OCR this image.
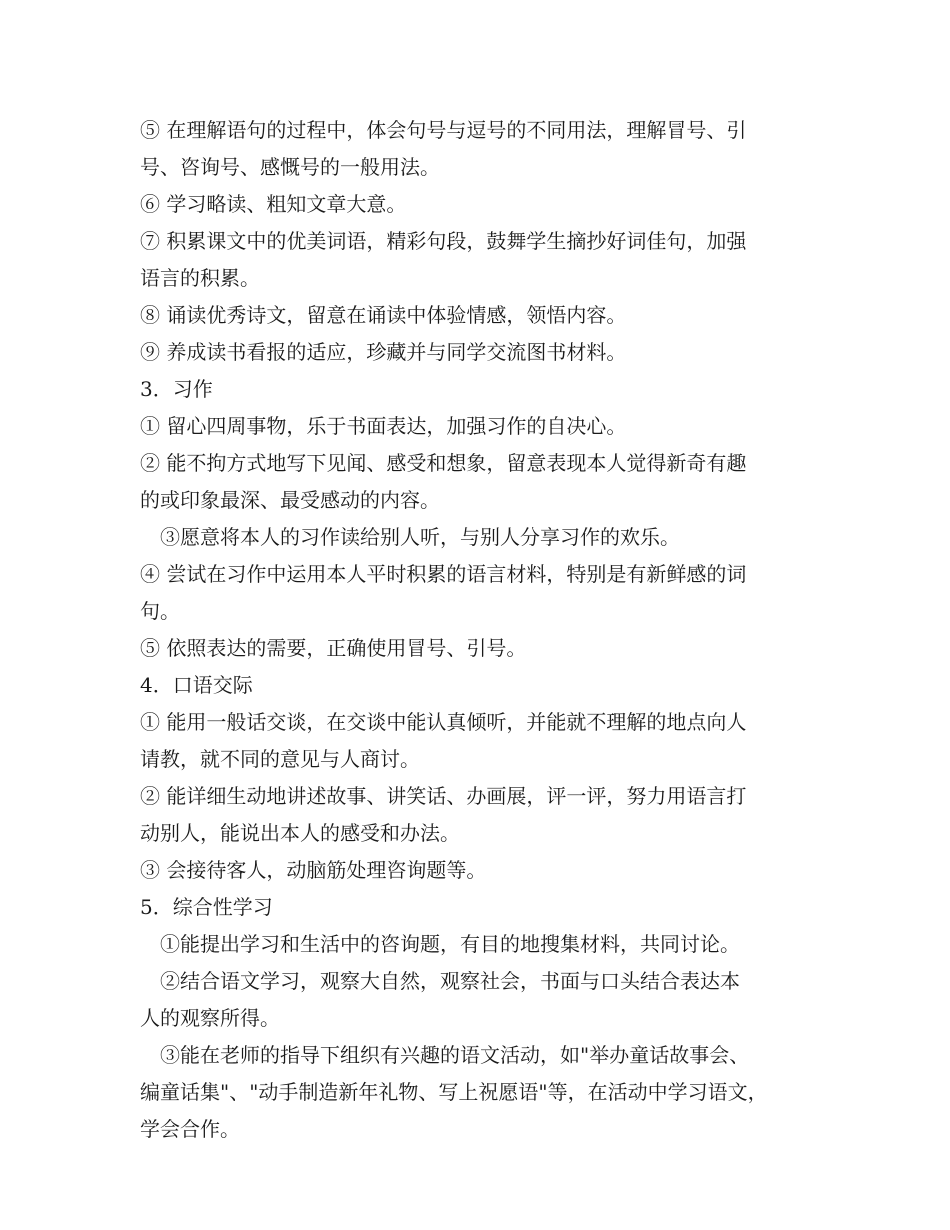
⑤ 在理解语句的过程中，体会句号与逗号的不同用法，理解冒号、引
号、咨询号、感慨号的一般用法。
⑥ 学习略读、粗知文章大意。
⑦ 积累课文中的优美词语，精彩句段，鼓舞学生摘抄好词佳句，加强
语言的积累。
⑧ 诵读优秀诗文，留意在诵读中体验情感，领悟内容。
⑨ 养成读书看报的适应，珍藏并与同学交流图书材料。
3．习作
① 留心四周事物，乐于书面表达，加强习作的自决心。
② 能不拘方式地写下见闻、感受和想象，留意表现本人觉得新奇有趣
的或印象最深、最受感动的内容。
③愿意将本人的习作读给别人听，与别人分享习作的欢乐。
④ 尝试在习作中运用本人平时积累的语言材料，特别是有新鲜感的词
句。
⑤ 依照表达的需要，正确使用冒号、引号。
4．口语交际
① 能用一般话交谈，在交谈中能认真倾听，并能就不理解的地点向人
请教，就不同的意见与人商讨。
② 能详细生动地讲述故事、讲笑话、办画展，评一评，努力用语言打
动别人，能说出本人的感受和办法。
③ 会接待客人，动脑筋处理咨询题等。
5．综合性学习
①能提出学习和生活中的咨询题，有目的地搜集材料，共同讨论。
②结合语文学习，观察大自然，观察社会，书面与口头结合表达本
人的观察所得。
③能在老师的指导下组织有兴趣的语文活动，如"举办童话故事会、
编童话集"、"动手制造新年礼物、写上祝愿语"等，在活动中学习语文，
学会合作。
